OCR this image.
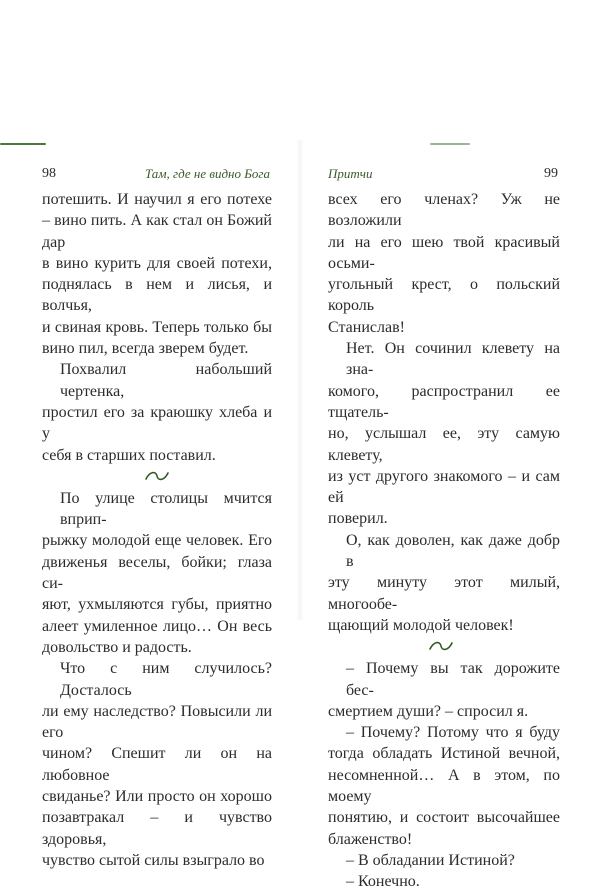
98	Там, где не видно Бога
потешить. И научил я его потехе
– вино пить. А как стал он Божий дар
в вино курить для своей потехи,
поднялась в нем и лисья, и волчья,
и свиная кровь. Теперь только бы
вино пил, всегда зверем будет.
Похвалил набольший чертенка,
простил его за краюшку хлеба и у
себя в старших поставил.
По улице столицы мчится вприп-
рыжку молодой еще человек. Его
движенья веселы, бойки; глаза си-
яют, ухмыляются губы, приятно
алеет умиленное лицо… Он весь
довольство и радость.
Что с ним случилось? Досталось
ли ему наследство? Повысили ли его
чином? Спешит ли он на любовное
свиданье? Или просто он хорошо
позавтракал – и чувство здоровья,
чувство сытой силы взыграло во
Притчи	99
всех его членах? Уж не возложили
ли на его шею твой красивый осьми-
угольный крест, о польский король
Станислав!
Нет. Он сочинил клевету на зна-
комого, распространил ее тщатель-
но, услышал ее, эту самую клевету,
из уст другого знакомого – и сам ей
поверил.
О, как доволен, как даже добр в
эту минуту этот милый, многообе-
щающий молодой человек!
– Почему вы так дорожите бес-
смертием души? – спросил я.
– Почему? Потому что я буду
тогда обладать Истиной вечной,
несомненной… А в этом, по моему
понятию, и состоит высочайшее
блаженство!
– В обладании Истиной?
– Конечно.
